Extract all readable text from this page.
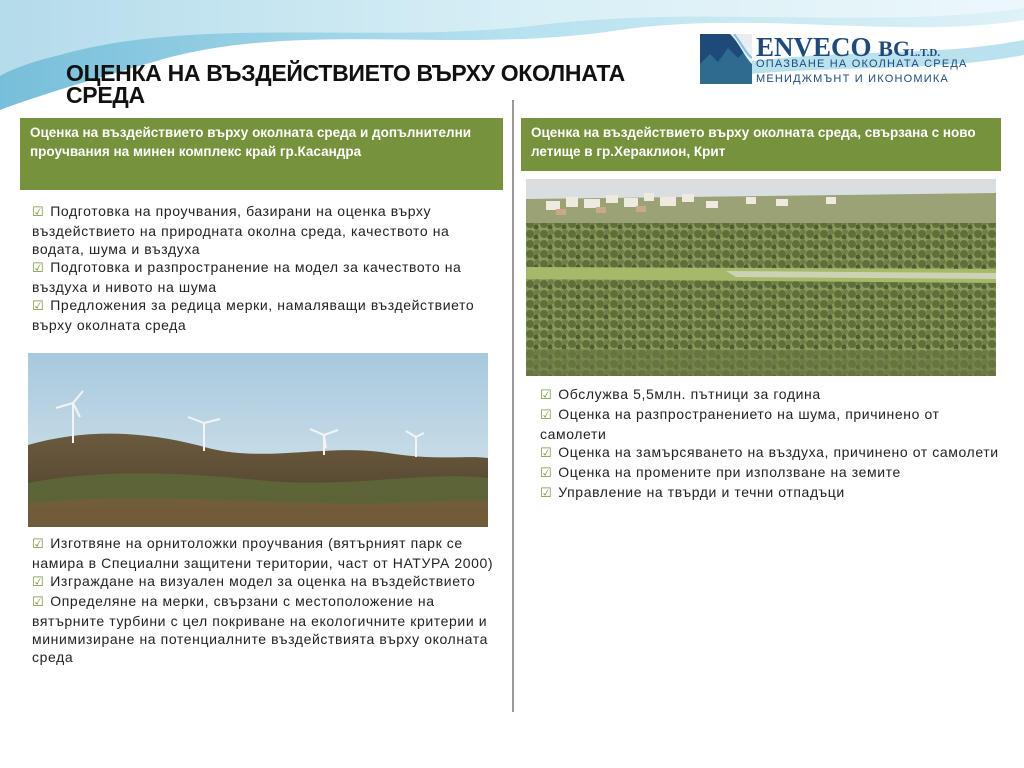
ОЦЕНКА НА ВЪЗДЕЙСТВИЕТО ВЪРХУ ОКОЛНАТА СРЕДА
ENVECO BGL.T.D.
ОПАЗВАНЕ НА ОКОЛНАТА СРЕДА
МЕНИДЖМЪНТ И ИКОНОМИКА
Оценка на въздействието върху околната среда и допълнителни проучвания на минен комплекс край гр.Касандра
☑ Подготовка на проучвания, базирани на оценка върху въздействието на природната околна среда, качеството на водата, шума и въздуха
☑ Подготовка и разпространение на модел за качеството на въздуха и нивото на шума
☑ Предложения за редица мерки, намаляващи въздействието върху околната среда
☑ Изготвяне на орнитоложки проучвания (вятърният парк се намира в Специални защитени територии, част от НАТУРА 2000)
☑ Изграждане на визуален модел за оценка на въздействието
☑ Определяне на мерки, свързани с местоположение на вятърните турбини с цел покриване на екологичните критерии и минимизиране на потенциалните въздействията върху околната среда
Оценка на въздействието върху околната среда, свързана с ново летище в гр.Хераклион, Крит
☑ Обслужва 5,5млн. пътници за година
☑ Оценка на разпространението на шума, причинено от самолети
☑ Оценка на замърсяването на въздуха, причинено от самолети
☑ Оценка на промените при използване на земите
☑ Управление на твърди и течни отпадъци
